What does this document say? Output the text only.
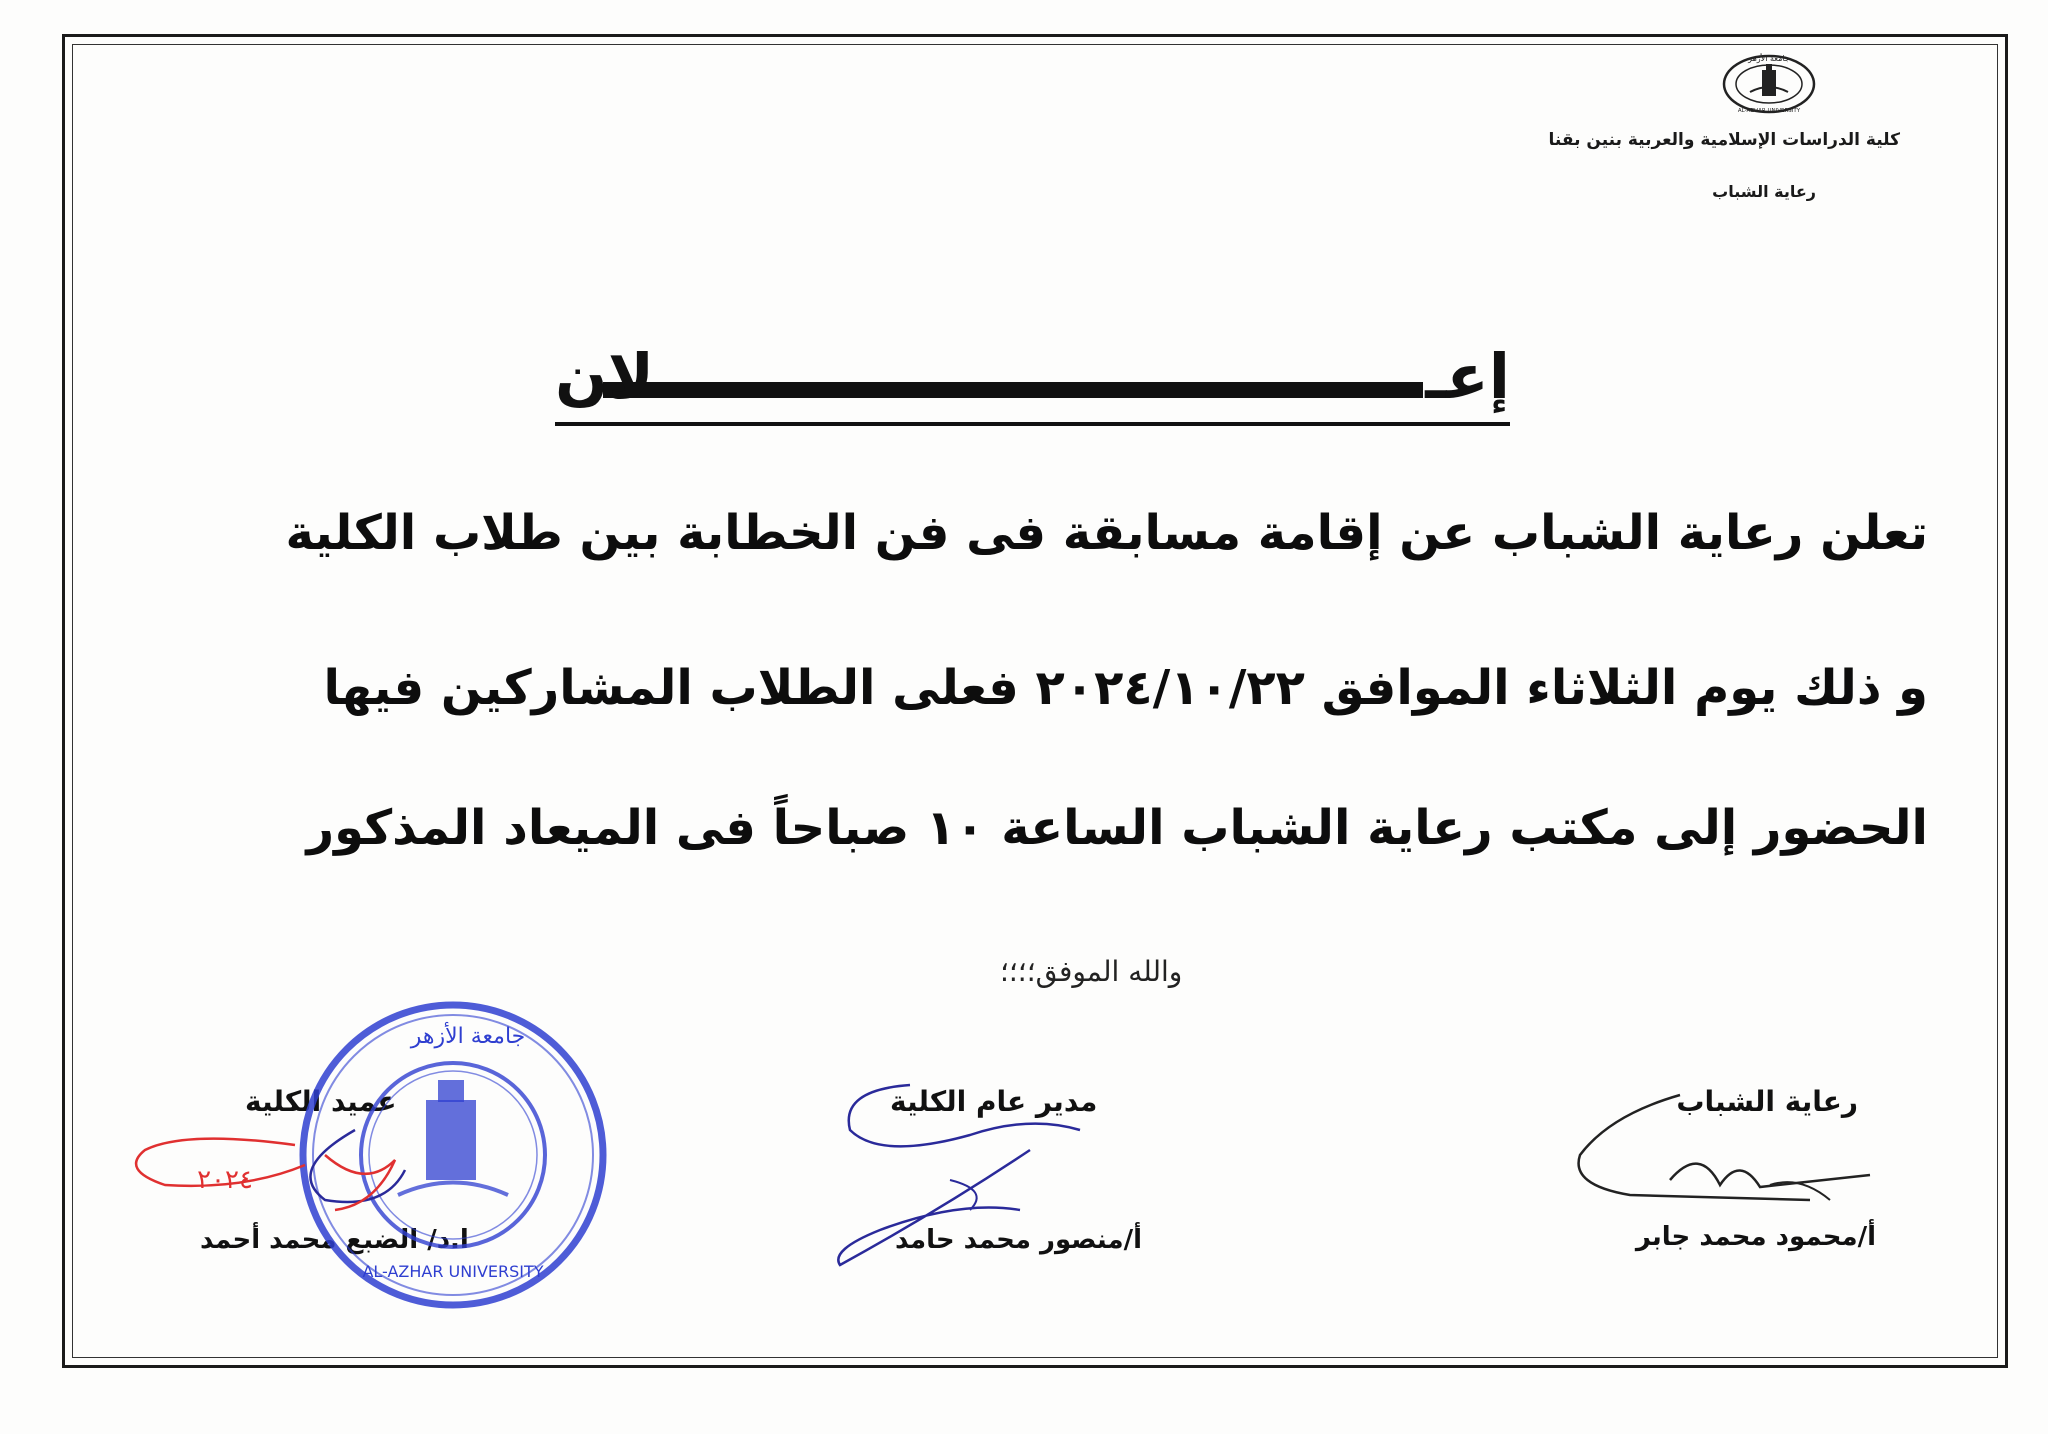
جامعة الأزهر
AL-AZHAR UNIVERSITY
كلية الدراسات الإسلامية والعربية بنين بقنا
رعاية الشباب
إعـ
لان
تعلن رعاية الشباب عن إقامة مسابقة فى فن الخطابة بين طلاب الكلية
و ذلك يوم الثلاثاء الموافق ٢٠٢٤/١٠/٢٢ فعلى الطلاب المشاركين فيها
الحضور إلى مكتب رعاية الشباب الساعة ١٠ صباحاً فى الميعاد المذكور
والله الموفق؛؛؛؛
رعاية الشباب
أ/محمود محمد جابر
مدير عام الكلية
أ/منصور محمد حامد
عميد الكلية
ا.د/ الضبع محمد أحمد
جامعة الأزهر
AL-AZHAR UNIVERSITY
٢٠٢٤
